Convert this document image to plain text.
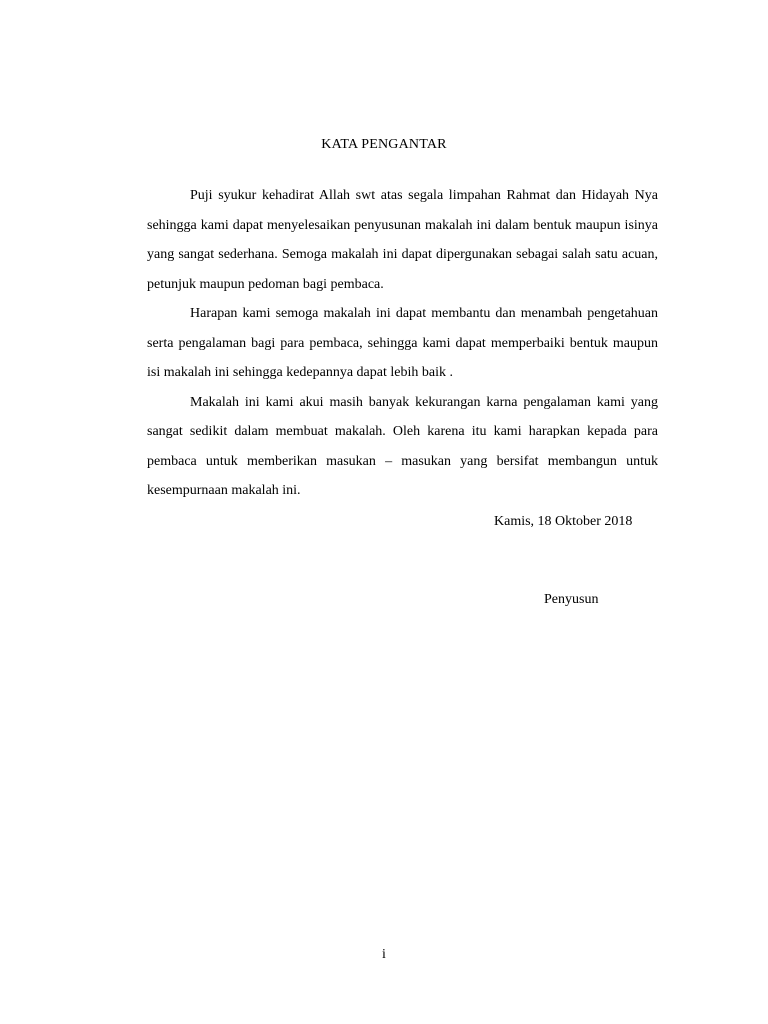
KATA PENGANTAR

Puji syukur kehadirat Allah swt atas segala limpahan Rahmat dan Hidayah Nya sehingga kami dapat menyelesaikan penyusunan makalah ini dalam bentuk maupun isinya yang sangat sederhana. Semoga makalah ini dapat dipergunakan sebagai salah satu acuan, petunjuk maupun pedoman bagi pembaca.

Harapan kami semoga makalah ini dapat membantu dan menambah pengetahuan serta pengalaman bagi para pembaca, sehingga kami dapat memperbaiki bentuk maupun isi makalah ini sehingga kedepannya dapat lebih baik .

Makalah ini kami akui masih banyak kekurangan karna pengalaman kami yang sangat sedikit dalam membuat makalah. Oleh karena itu kami harapkan kepada para pembaca untuk memberikan masukan – masukan yang bersifat membangun untuk kesempurnaan makalah ini.

Kamis, 18 Oktober 2018
Penyusun
i
